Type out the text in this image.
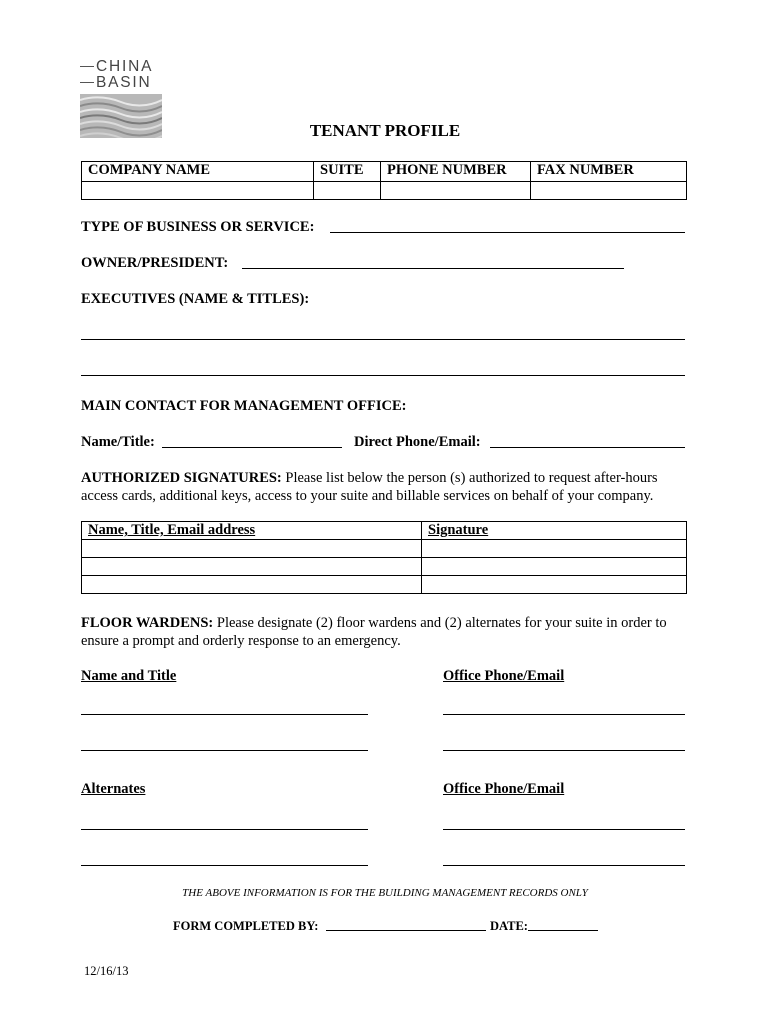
CHINA
BASIN
TENANT PROFILE
COMPANY NAME	SUITE	PHONE NUMBER	FAX NUMBER

TYPE OF BUSINESS OR SERVICE:
OWNER/PRESIDENT:
EXECUTIVES (NAME & TITLES):
MAIN CONTACT FOR MANAGEMENT OFFICE:
Name/Title:	Direct Phone/Email:
AUTHORIZED SIGNATURES: Please list below the person (s) authorized to request after-hours access cards, additional keys, access to your suite and billable services on behalf of your company.
Name, Title, Email address	Signature

FLOOR WARDENS: Please designate (2) floor wardens and (2) alternates for your suite in order to ensure a prompt and orderly response to an emergency.
Name and Title	Office Phone/Email
Alternates	Office Phone/Email
THE ABOVE INFORMATION IS FOR THE BUILDING MANAGEMENT RECORDS ONLY
FORM COMPLETED BY:	DATE:
12/16/13
